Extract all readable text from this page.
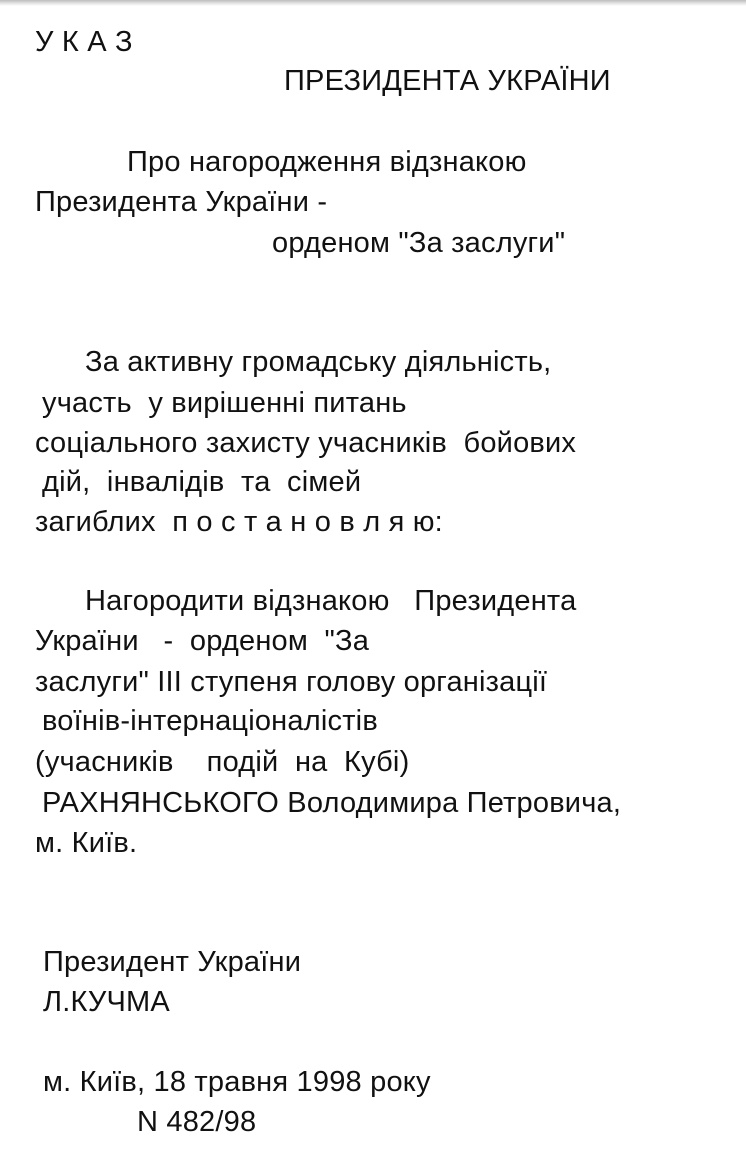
У К А З
ПРЕЗИДЕНТА УКРАЇНИ
Про нагородження відзнакою
Президента України -
орденом "За заслуги"
За активну громадську діяльність,
участь  у вирішенні питань
соціального захисту учасників  бойових
дій,  інвалідів  та  сімей
загиблих  п о с т а н о в л я ю:
Нагородити відзнакою   Президента
України   -  орденом  "За
заслуги" ІІІ ступеня голову організації
воїнів-інтернаціоналістів
(учасників    подій  на  Кубі)
РАХНЯНСЬКОГО Володимира Петровича,
м. Київ.
Президент України
Л.КУЧМА
м. Київ, 18 травня 1998 року
N 482/98
